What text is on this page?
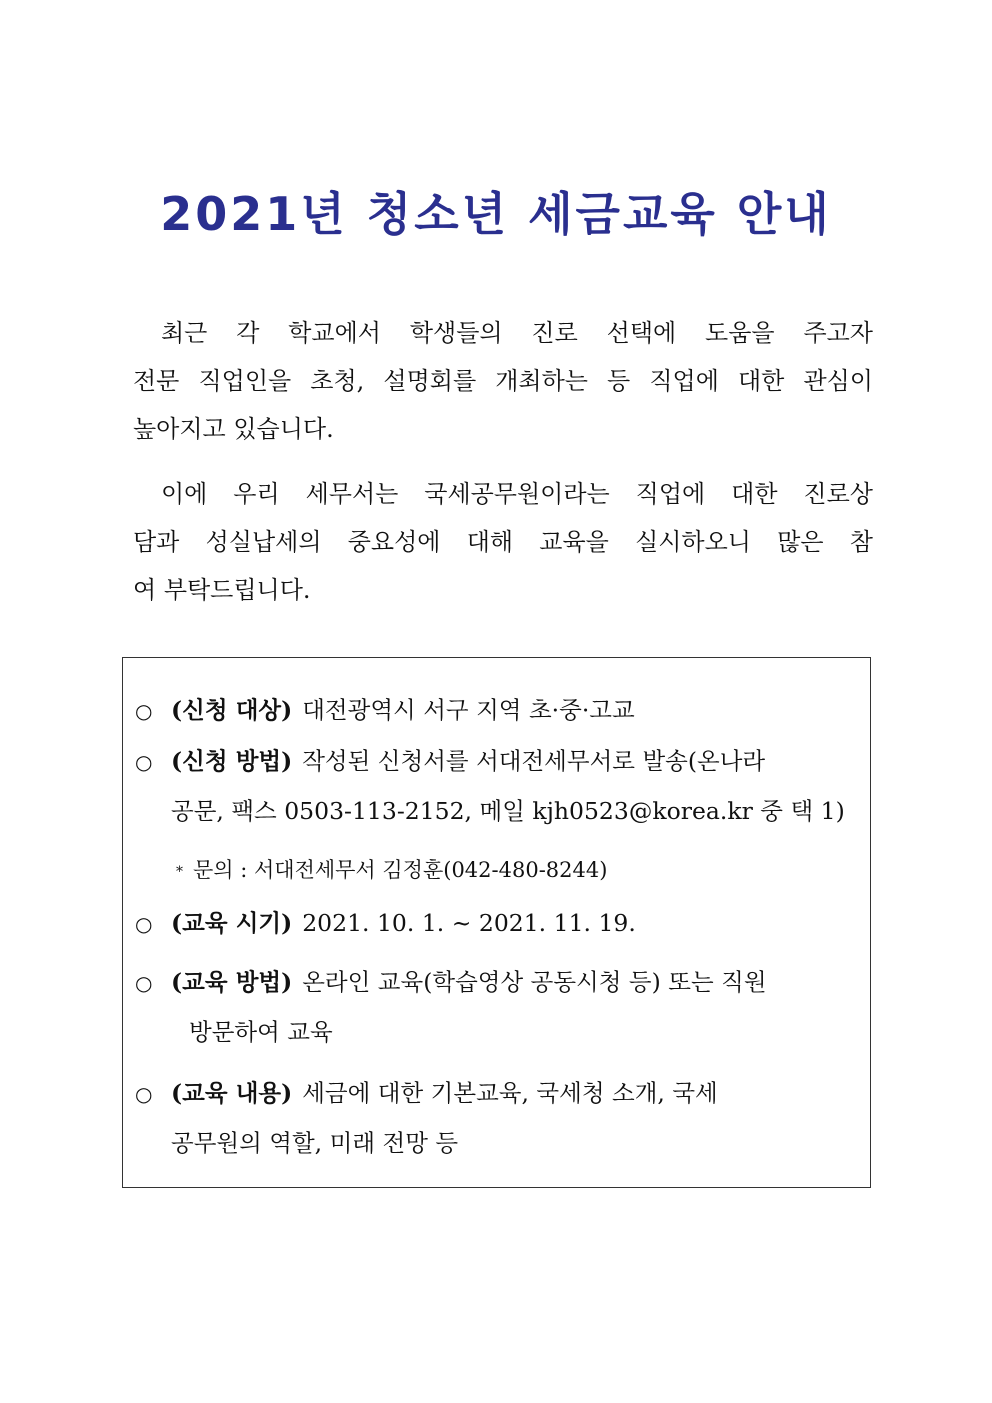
2021년 청소년 세금교육 안내
최근 각 학교에서 학생들의 진로 선택에 도움을 주고자
전문 직업인을 초청, 설명회를 개최하는 등 직업에 대한 관심이
높아지고 있습니다.
이에 우리 세무서는 국세공무원이라는 직업에 대한 진로상
담과 성실납세의 중요성에 대해 교육을 실시하오니 많은 참
여 부탁드립니다.
○ (신청 대상) 대전광역시 서구 지역 초·중·고교
○ (신청 방법) 작성된 신청서를 서대전세무서로 발송(온나라
공문, 팩스 0503-113-2152, 메일 kjh0523@korea.kr 중 택 1)
* 문의 : 서대전세무서 김정훈(042-480-8244)
○ (교육 시기) 2021. 10. 1. ~ 2021. 11. 19.
○ (교육 방법) 온라인 교육(학습영상 공동시청 등) 또는 직원
방문하여 교육
○ (교육 내용) 세금에 대한 기본교육, 국세청 소개, 국세
공무원의 역할, 미래 전망 등
